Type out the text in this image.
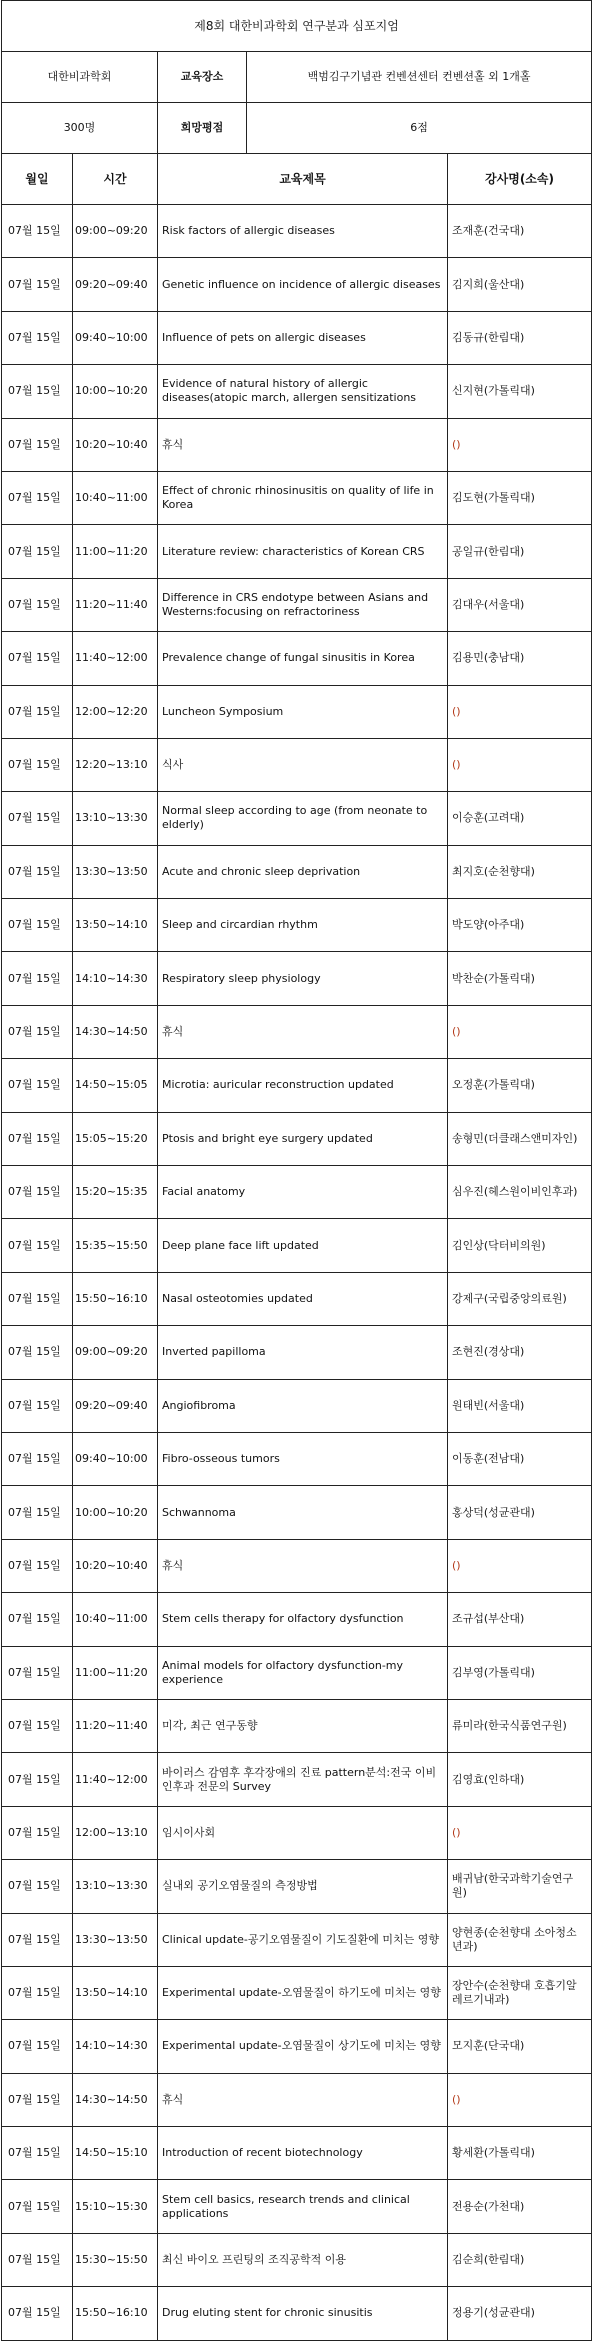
제8회 대한비과학회 연구분과 심포지엄				
대한비과학회		교육장소	백범김구기념관 컨벤션센터 컨벤션홀 외 1개홀	
300명		희망평점	6점	
월일	시간	교육제목		강사명(소속)
07월 15일	09:00~09:20	Risk factors of allergic diseases		조재훈(건국대)
07월 15일	09:20~09:40	Genetic influence on incidence of allergic diseases		김지희(울산대)
07월 15일	09:40~10:00	Influence of pets on allergic diseases		김동규(한림대)
07월 15일	10:00~10:20	Evidence of natural history of allergic diseases(atopic march, allergen sensitizations		신지현(가톨릭대)
07월 15일	10:20~10:40	휴식		()
07월 15일	10:40~11:00	Effect of chronic rhinosinusitis on quality of life in Korea		김도현(가톨릭대)
07월 15일	11:00~11:20	Literature review: characteristics of Korean CRS		공일규(한림대)
07월 15일	11:20~11:40	Difference in CRS endotype between Asians and Westerns:focusing on refractoriness		김대우(서울대)
07월 15일	11:40~12:00	Prevalence change of fungal sinusitis in Korea		김용민(충남대)
07월 15일	12:00~12:20	Luncheon Symposium		()
07월 15일	12:20~13:10	식사		()
07월 15일	13:10~13:30	Normal sleep according to age (from neonate to elderly)		이승훈(고려대)
07월 15일	13:30~13:50	Acute and chronic sleep deprivation		최지호(순천향대)
07월 15일	13:50~14:10	Sleep and circardian rhythm		박도양(아주대)
07월 15일	14:10~14:30	Respiratory sleep physiology		박찬순(가톨릭대)
07월 15일	14:30~14:50	휴식		()
07월 15일	14:50~15:05	Microtia: auricular reconstruction updated		오정훈(가톨릭대)
07월 15일	15:05~15:20	Ptosis and bright eye surgery updated		송형민(더클래스앤미자인)
07월 15일	15:20~15:35	Facial anatomy		심우진(헤스원이비인후과)
07월 15일	15:35~15:50	Deep plane face lift updated		김인상(닥터비의원)
07월 15일	15:50~16:10	Nasal osteotomies updated		강제구(국립중앙의료원)
07월 15일	09:00~09:20	Inverted papilloma		조현진(경상대)
07월 15일	09:20~09:40	Angiofibroma		원태빈(서울대)
07월 15일	09:40~10:00	Fibro-osseous tumors		이동훈(전남대)
07월 15일	10:00~10:20	Schwannoma		홍상덕(성균관대)
07월 15일	10:20~10:40	휴식		()
07월 15일	10:40~11:00	Stem cells therapy for olfactory dysfunction		조규섭(부산대)
07월 15일	11:00~11:20	Animal models for olfactory dysfunction-my experience		김부영(가톨릭대)
07월 15일	11:20~11:40	미각, 최근 연구동향		류미라(한국식품연구원)
07월 15일	11:40~12:00	바이러스 감염후 후각장애의 진료 pattern분석:전국 이비인후과 전문의 Survey		김영효(인하대)
07월 15일	12:00~13:10	임시이사회		()
07월 15일	13:10~13:30	실내외 공기오염물질의 측정방법		배귀남(한국과학기술연구원)
07월 15일	13:30~13:50	Clinical update-공기오염물질이 기도질환에 미치는 영향		양현종(순천향대 소아청소년과)
07월 15일	13:50~14:10	Experimental update-오염물질이 하기도에 미치는 영향		장안수(순천향대 호흡기알레르기내과)
07월 15일	14:10~14:30	Experimental update-오염물질이 상기도에 미치는 영향		모지훈(단국대)
07월 15일	14:30~14:50	휴식		()
07월 15일	14:50~15:10	Introduction of recent biotechnology		황세환(가톨릭대)
07월 15일	15:10~15:30	Stem cell basics, research trends and clinical applications		전용순(가천대)
07월 15일	15:30~15:50	최신 바이오 프린팅의 조직공학적 이용		김순희(한림대)
07월 15일	15:50~16:10	Drug eluting stent for chronic sinusitis		정용기(성균관대)
